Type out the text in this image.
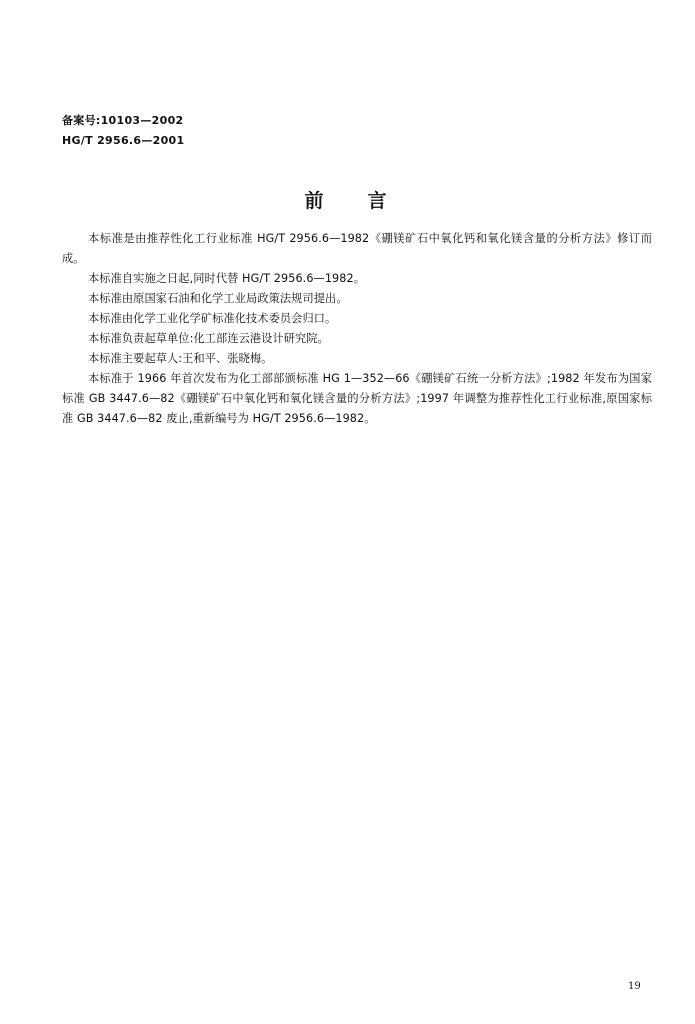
备案号:10103—2002
HG/T 2956.6—2001
前言

本标准是由推荐性化工行业标准 HG/T 2956.6—1982《硼镁矿石中氧化钙和氧化镁含量的分析方法》修订而成。

本标准自实施之日起,同时代替 HG/T 2956.6—1982。

本标准由原国家石油和化学工业局政策法规司提出。

本标准由化学工业化学矿标准化技术委员会归口。

本标准负责起草单位:化工部连云港设计研究院。

本标准主要起草人:王和平、张晓梅。

本标准于 1966 年首次发布为化工部部颁标准 HG 1—352—66《硼镁矿石统一分析方法》;1982 年发布为国家标准 GB 3447.6—82《硼镁矿石中氧化钙和氧化镁含量的分析方法》;1997 年调整为推荐性化工行业标准,原国家标准 GB 3447.6—82 废止,重新编号为 HG/T 2956.6—1982。

19
